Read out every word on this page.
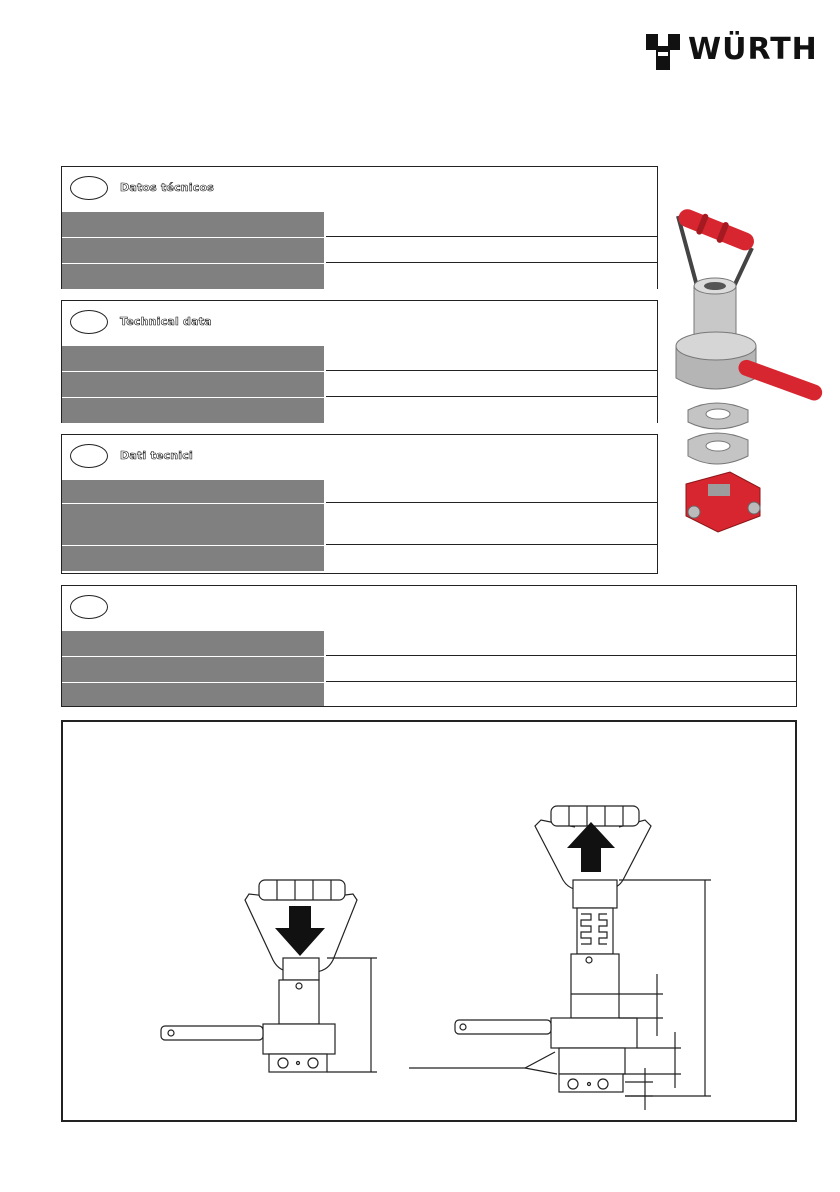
WÜRTH
Datos técnicos
Technical data
Dati tecnici
